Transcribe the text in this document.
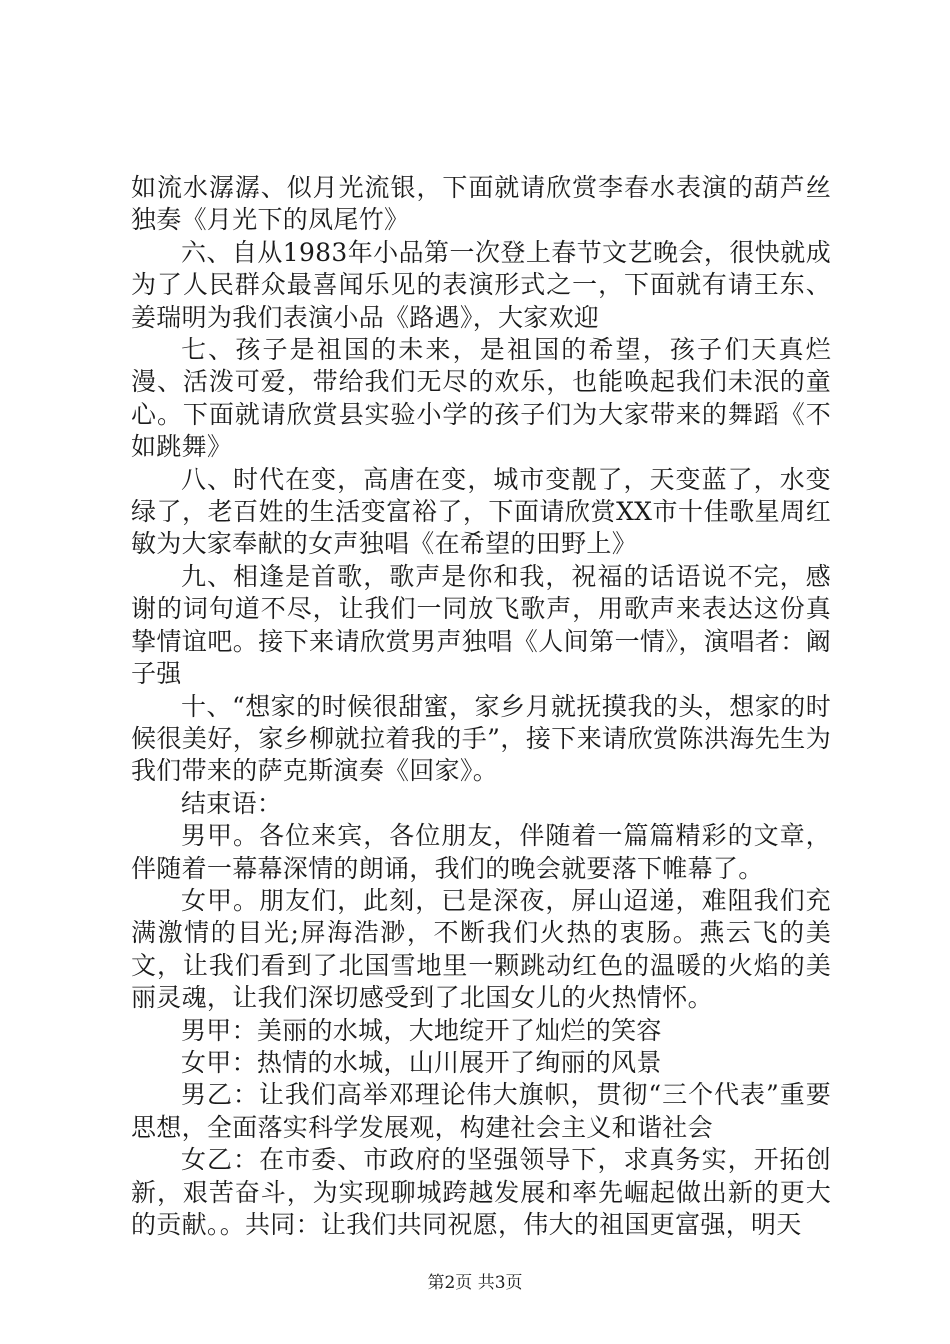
如流水潺潺、似月光流银，下面就请欣赏李春水表演的葫芦丝独奏《月光下的凤尾竹》

六、自从1983年小品第一次登上春节文艺晚会，很快就成为了人民群众最喜闻乐见的表演形式之一，下面就有请王东、姜瑞明为我们表演小品《路遇》，大家欢迎

七、孩子是祖国的未来，是祖国的希望，孩子们天真烂漫、活泼可爱，带给我们无尽的欢乐，也能唤起我们未泯的童心。下面就请欣赏县实验小学的孩子们为大家带来的舞蹈《不如跳舞》

八、时代在变，高唐在变，城市变靓了，天变蓝了，水变绿了，老百姓的生活变富裕了，下面请欣赏XX市十佳歌星周红敏为大家奉献的女声独唱《在希望的田野上》

九、相逢是首歌，歌声是你和我，祝福的话语说不完，感谢的词句道不尽，让我们一同放飞歌声，用歌声来表达这份真挚情谊吧。接下来请欣赏男声独唱《人间第一情》，演唱者：阚子强

十、“想家的时候很甜蜜，家乡月就抚摸我的头，想家的时候很美好，家乡柳就拉着我的手”，接下来请欣赏陈洪海先生为我们带来的萨克斯演奏《回家》。

结束语：

男甲。各位来宾，各位朋友，伴随着一篇篇精彩的文章，伴随着一幕幕深情的朗诵，我们的晚会就要落下帷幕了。

女甲。朋友们，此刻，已是深夜，屏山迢递，难阻我们充满激情的目光;屏海浩渺，不断我们火热的衷肠。燕云飞的美文，让我们看到了北国雪地里一颗跳动红色的温暖的火焰的美丽灵魂，让我们深切感受到了北国女儿的火热情怀。

男甲：美丽的水城，大地绽开了灿烂的笑容

女甲：热情的水城，山川展开了绚丽的风景

男乙：让我们高举邓理论伟大旗帜，贯彻“三个代表”重要思想，全面落实科学发展观，构建社会主义和谐社会

女乙：在市委、市政府的坚强领导下，求真务实，开拓创新，艰苦奋斗，为实现聊城跨越发展和率先崛起做出新的更大的贡献。。共同：让我们共同祝愿，伟大的祖国更富强，明天

第2页 共3页
